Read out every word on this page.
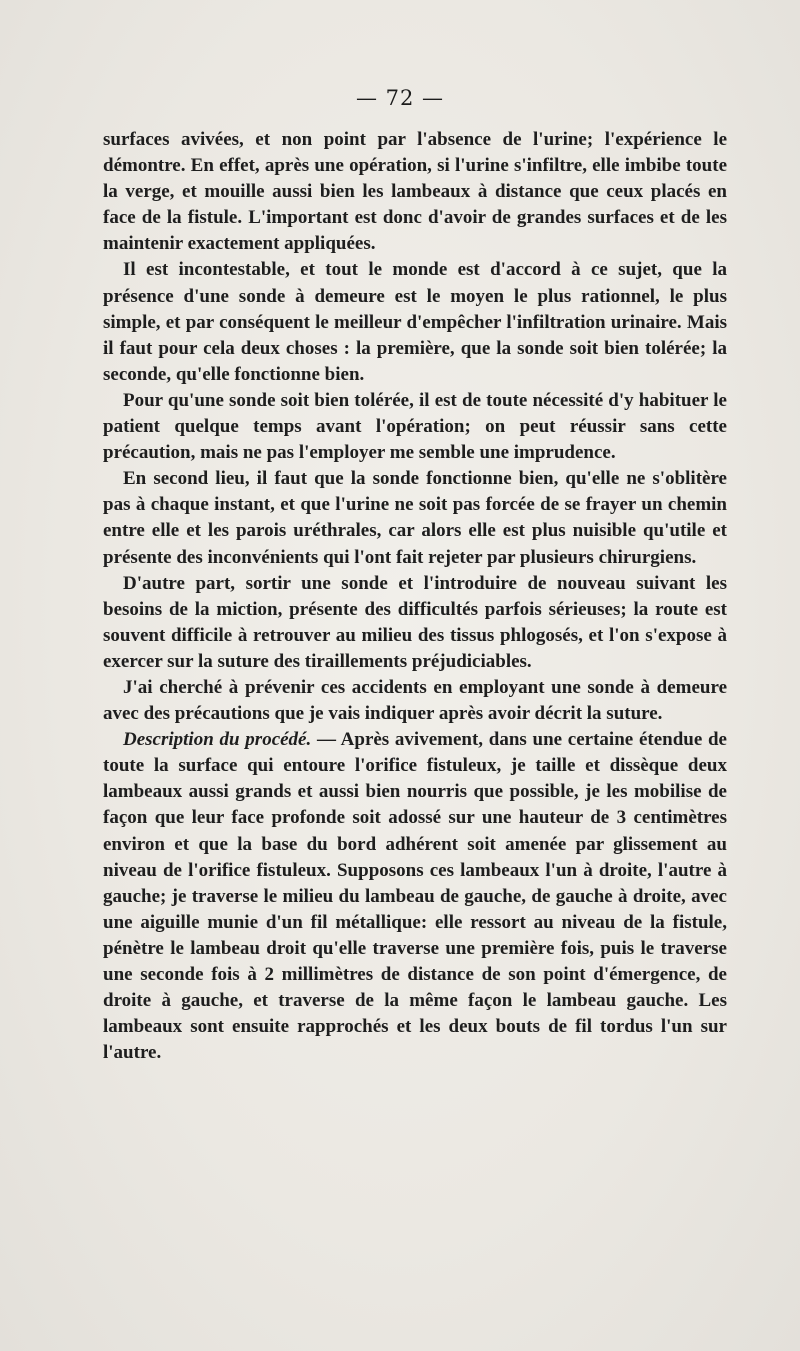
— 72 —

surfaces avivées, et non point par l'absence de l'urine; l'expérience le démontre. En effet, après une opération, si l'urine s'infiltre, elle imbibe toute la verge, et mouille aussi bien les lambeaux à distance que ceux placés en face de la fistule. L'important est donc d'avoir de grandes surfaces et de les maintenir exactement appliquées.

Il est incontestable, et tout le monde est d'accord à ce sujet, que la présence d'une sonde à demeure est le moyen le plus rationnel, le plus simple, et par conséquent le meilleur d'empêcher l'infiltration urinaire. Mais il faut pour cela deux choses : la première, que la sonde soit bien tolérée; la seconde, qu'elle fonctionne bien.

Pour qu'une sonde soit bien tolérée, il est de toute nécessité d'y habituer le patient quelque temps avant l'opération; on peut réussir sans cette précaution, mais ne pas l'employer me semble une imprudence.

En second lieu, il faut que la sonde fonctionne bien, qu'elle ne s'oblitère pas à chaque instant, et que l'urine ne soit pas forcée de se frayer un chemin entre elle et les parois uréthrales, car alors elle est plus nuisible qu'utile et présente des inconvénients qui l'ont fait rejeter par plusieurs chirurgiens.

D'autre part, sortir une sonde et l'introduire de nouveau suivant les besoins de la miction, présente des difficultés parfois sérieuses; la route est souvent difficile à retrouver au milieu des tissus phlogosés, et l'on s'expose à exercer sur la suture des tiraillements préjudiciables.

J'ai cherché à prévenir ces accidents en employant une sonde à demeure avec des précautions que je vais indiquer après avoir décrit la suture.

Description du procédé. — Après avivement, dans une certaine étendue de toute la surface qui entoure l'orifice fistuleux, je taille et dissèque deux lambeaux aussi grands et aussi bien nourris que possible, je les mobilise de façon que leur face profonde soit adossé sur une hauteur de 3 centimètres environ et que la base du bord adhérent soit amenée par glissement au niveau de l'orifice fistuleux. Supposons ces lambeaux l'un à droite, l'autre à gauche; je traverse le milieu du lambeau de gauche, de gauche à droite, avec une aiguille munie d'un fil métallique: elle ressort au niveau de la fistule, pénètre le lambeau droit qu'elle traverse une première fois, puis le traverse une seconde fois à 2 millimètres de distance de son point d'émergence, de droite à gauche, et traverse de la même façon le lambeau gauche. Les lambeaux sont ensuite rapprochés et les deux bouts de fil tordus l'un sur l'autre.
